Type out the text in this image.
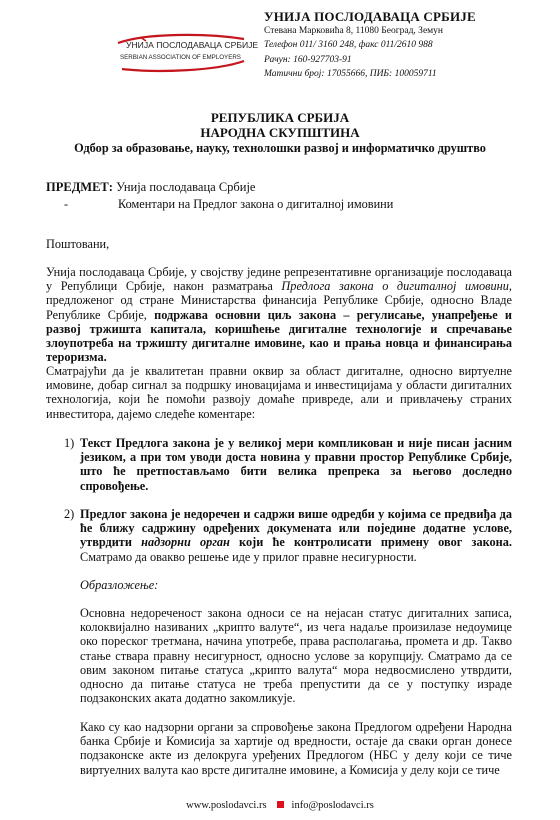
УНИЈА ПОСЛОДАВАЦА СРБИЈЕ
SERBIAN ASSOCIATION OF EMPLOYERS
УНИЈА ПОСЛОДАВАЦА СРБИЈЕ
Стевана Марковића 8, 11080 Београд, Земун
Телефон 011/ 3160 248, факс 011/2610 988
Рачун: 160-927703-91
Матични број: 17055666, ПИБ: 100059711
РЕПУБЛИКА СРБИЈА
НАРОДНА СКУПШТИНА
Одбор за образовање, науку, технолошки развој и информатичко друштво
ПРЕДМЕТ: Унија послодаваца Србије
-	Коментари на Предлог закона о дигиталној имовини
Поштовани,
Унија послодаваца Србије, у својству једине репрезентативне организације послодаваца у Републици Србије, након разматрања Предлога закона о дигиталној имовини, предложеног од стране Министарства финансија Републике Србије, односно Владе Републике Србије, подржава основни циљ закона – регулисање, унапређење и развој тржишта капитала, коришћење дигиталне технологије и спречавање злоупотреба на тржишту дигиталне имовине, као и прања новца и финансирања тероризма.
Сматрајући да је квалитетан правни оквир за област дигиталне, односно виртуелне имовине, добар сигнал за подршку иновацијама и инвестицијама у области дигиталних технологија, који ће помоћи развоју домаће привреде, али и привлачењу страних инвеститора, дајемо следеће коментаре:
1) Текст Предлога закона је у великој мери компликован и није писан јасним језиком, а при том уводи доста новина у правни простор Републике Србије, што ће претпостављамо бити велика препрека за његово доследно спровођење.
2) Предлог закона је недоречен и садржи више одредби у којима се предвиђа да ће ближу садржину одређених докумената или поједине додатне услове, утврдити надзорни орган који ће контролисати примену овог закона. Сматрамо да овакво решење иде у прилог правне несигурности.
Образложење:
Основна недореченост закона односи се на нејасан статус дигиталних записа, колоквијално називаних „крипто валуте“, из чега надаље произилазе недоумице око пореског третмана, начина употребе, права располагања, промета и др. Такво стање ствара правну несигурност, односно услове за корупцију. Сматрамо да се овим законом питање статуса „крипто валута“ мора недвосмислено утврдити, односно да питање статуса не треба препустити да се у поступку израде подзаконских аката додатно закомликује.
Како су као надзорни органи за спровођење закона Предлогом одређени Народна банка Србије и Комисија за хартије од вредности, остаје да сваки орган донесе подзаконске акте из делокруга уређених Предлогом (НБС у делу који се тиче виртуелних валута као врсте дигиталне имовине, а Комисија у делу који се тиче
www.poslodavci.rs info@poslodavci.rs
